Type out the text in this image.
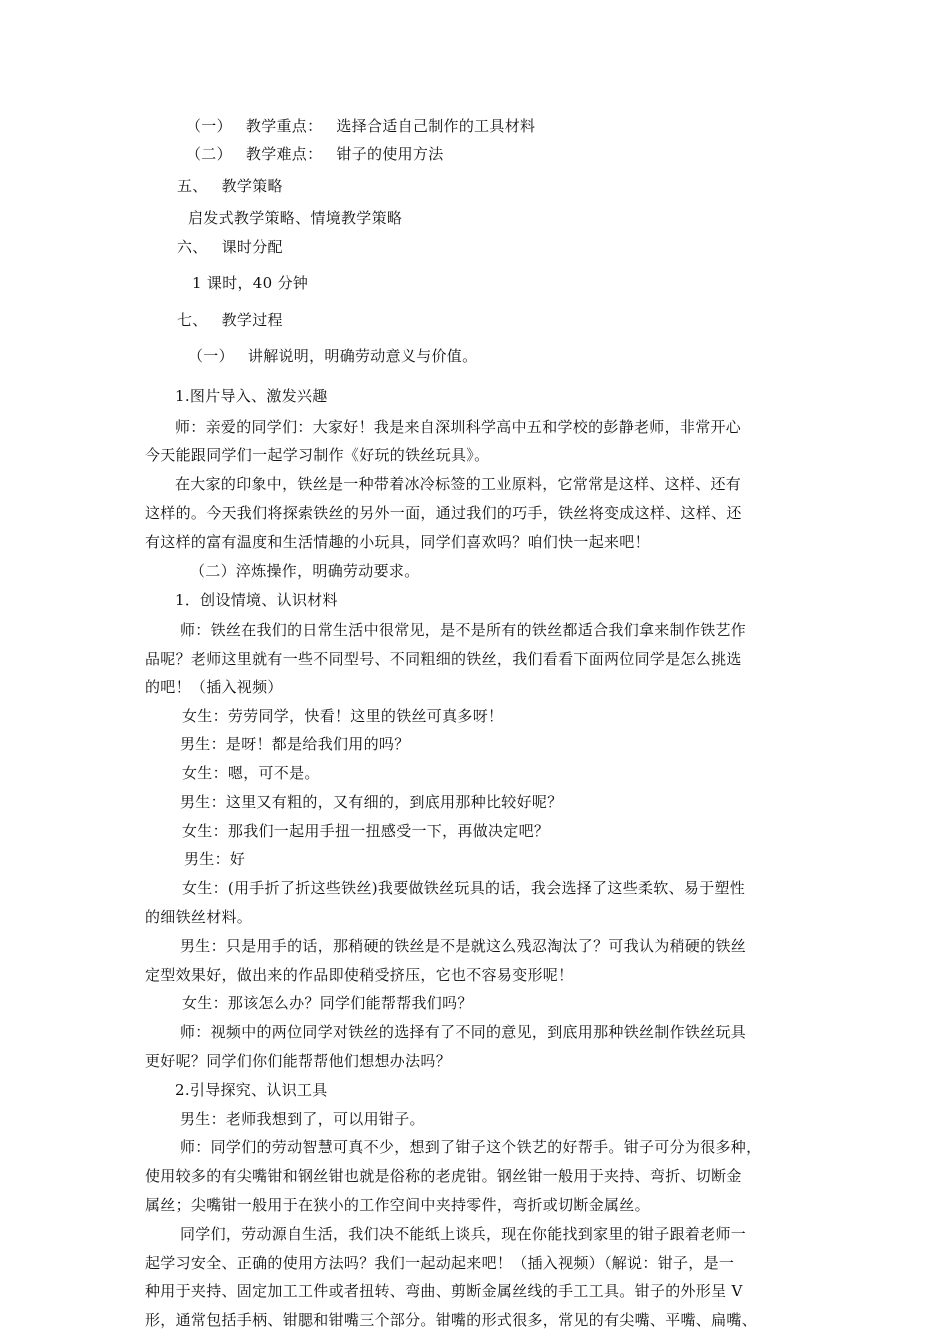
（一） 教学重点： 选择合适自己制作的工具材料
（二） 教学难点： 钳子的使用方法
五、 教学策略
启发式教学策略、情境教学策略
六、 课时分配
1 课时，40 分钟
七、 教学过程
（一） 讲解说明，明确劳动意义与价值。
1.图片导入、激发兴趣
师：亲爱的同学们：大家好！我是来自深圳科学高中五和学校的彭静老师，非常开心
今天能跟同学们一起学习制作《好玩的铁丝玩具》。
在大家的印象中，铁丝是一种带着冰冷标签的工业原料，它常常是这样、这样、还有
这样的。今天我们将探索铁丝的另外一面，通过我们的巧手，铁丝将变成这样、这样、还
有这样的富有温度和生活情趣的小玩具，同学们喜欢吗？咱们快一起来吧！
（二）淬炼操作，明确劳动要求。
1．创设情境、认识材料
师：铁丝在我们的日常生活中很常见，是不是所有的铁丝都适合我们拿来制作铁艺作
品呢？老师这里就有一些不同型号、不同粗细的铁丝，我们看看下面两位同学是怎么挑选
的吧！（插入视频）
女生：劳劳同学，快看！这里的铁丝可真多呀！
男生：是呀！都是给我们用的吗？
女生：嗯，可不是。
男生：这里又有粗的，又有细的，到底用那种比较好呢？
女生：那我们一起用手扭一扭感受一下，再做决定吧？
男生：好
女生：(用手折了折这些铁丝)我要做铁丝玩具的话，我会选择了这些柔软、易于塑性
的细铁丝材料。
男生：只是用手的话，那稍硬的铁丝是不是就这么残忍淘汰了？可我认为稍硬的铁丝
定型效果好，做出来的作品即使稍受挤压，它也不容易变形呢！
女生：那该怎么办？同学们能帮帮我们吗？
师：视频中的两位同学对铁丝的选择有了不同的意见，到底用那种铁丝制作铁丝玩具
更好呢？同学们你们能帮帮他们想想办法吗？
2.引导探究、认识工具
男生：老师我想到了，可以用钳子。
师：同学们的劳动智慧可真不少，想到了钳子这个铁艺的好帮手。钳子可分为很多种，
使用较多的有尖嘴钳和钢丝钳也就是俗称的老虎钳。钢丝钳一般用于夹持、弯折、切断金
属丝；尖嘴钳一般用于在狭小的工作空间中夹持零件，弯折或切断金属丝。
同学们，劳动源自生活，我们决不能纸上谈兵，现在你能找到家里的钳子跟着老师一
起学习安全、正确的使用方法吗？我们一起动起来吧！（插入视频）（解说：钳子，是一
种用于夹持、固定加工工件或者扭转、弯曲、剪断金属丝线的手工工具。钳子的外形呈 V
形，通常包括手柄、钳腮和钳嘴三个部分。钳嘴的形式很多，常见的有尖嘴、平嘴、扁嘴、
